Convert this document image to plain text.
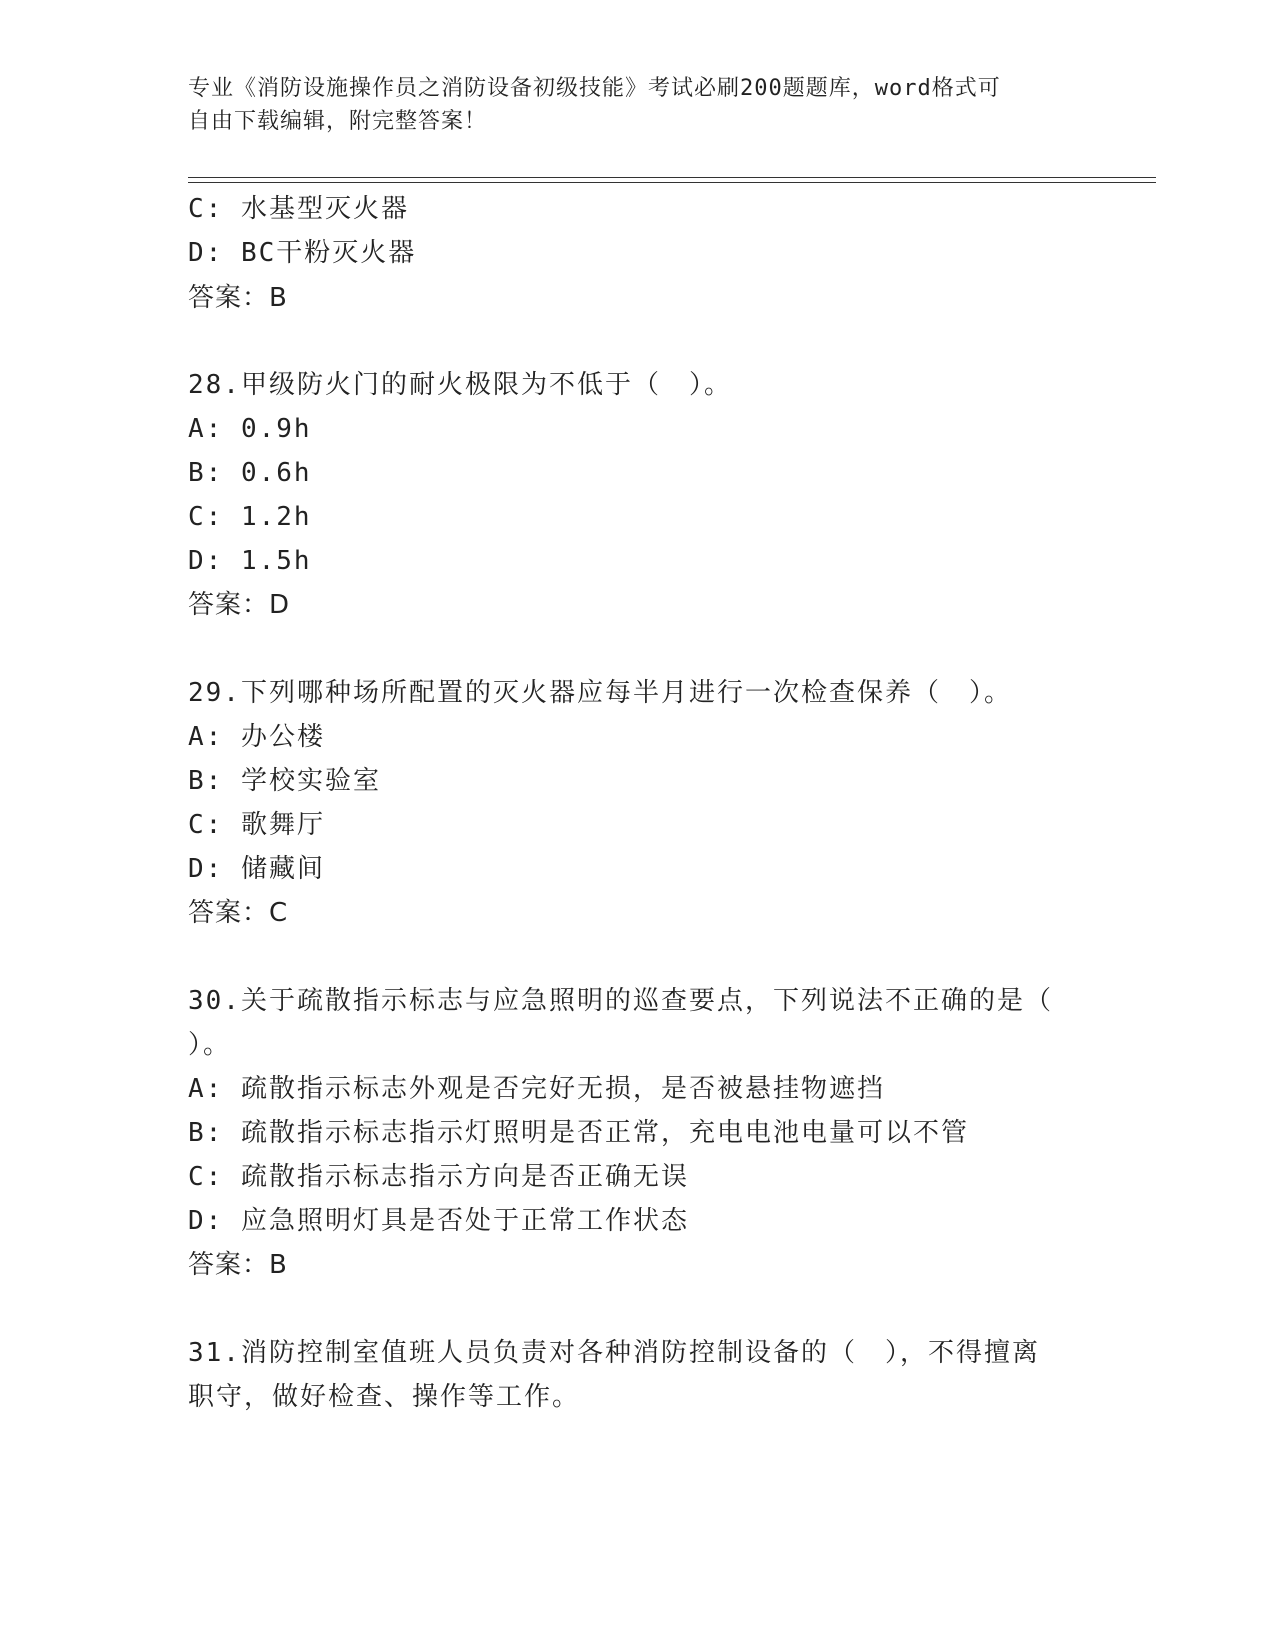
专业《消防设施操作员之消防设备初级技能》考试必刷200题题库，word格式可
自由下载编辑，附完整答案！
C: 水基型灭火器
D: BC干粉灭火器
答案：B
28.甲级防火门的耐火极限为不低于（　）。
A: 0.9h
B: 0.6h
C: 1.2h
D: 1.5h
答案：D
29.下列哪种场所配置的灭火器应每半月进行一次检查保养（　）。
A: 办公楼
B: 学校实验室
C: 歌舞厅
D: 储藏间
答案：C
30.关于疏散指示标志与应急照明的巡查要点，下列说法不正确的是（
）。
A: 疏散指示标志外观是否完好无损，是否被悬挂物遮挡
B: 疏散指示标志指示灯照明是否正常，充电电池电量可以不管
C: 疏散指示标志指示方向是否正确无误
D: 应急照明灯具是否处于正常工作状态
答案：B
31.消防控制室值班人员负责对各种消防控制设备的（　），不得擅离
职守，做好检查、操作等工作。
